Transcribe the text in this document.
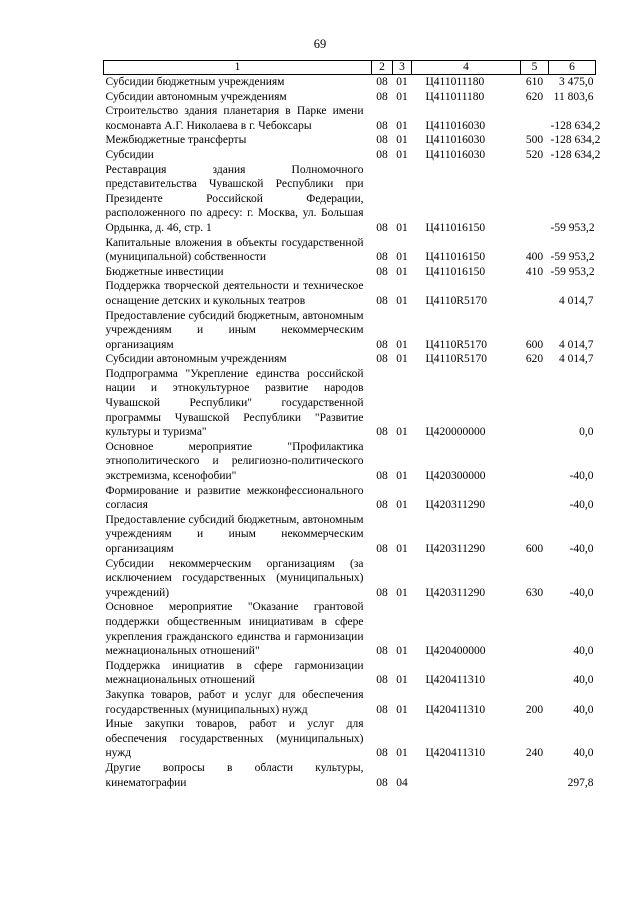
69
1	2	3	4	5	6
Субсидии бюджетным учреждениям	08	01	Ц411011180	610	3 475,0
Субсидии автономным учреждениям	08	01	Ц411011180	620	11 803,6
Строительство здания планетария в Парке имени космонавта А.Г. Николаева в г. Чебоксары	08	01	Ц411016030		-128 634,2
Межбюджетные трансферты	08	01	Ц411016030	500	-128 634,2
Субсидии	08	01	Ц411016030	520	-128 634,2
Реставрация здания Полномочного представительства Чувашской Республики при Президенте Российской Федерации, расположенного по адресу: г. Москва, ул. Большая Ордынка, д. 46, стр. 1	08	01	Ц411016150		-59 953,2
Капитальные вложения в объекты государственной (муниципальной) собственности	08	01	Ц411016150	400	-59 953,2
Бюджетные инвестиции	08	01	Ц411016150	410	-59 953,2
Поддержка творческой деятельности и техническое оснащение детских и кукольных театров	08	01	Ц4110R5170		4 014,7
Предоставление субсидий бюджетным, автономным учреждениям и иным некоммерческим организациям	08	01	Ц4110R5170	600	4 014,7
Субсидии автономным учреждениям	08	01	Ц4110R5170	620	4 014,7
Подпрограмма "Укрепление единства российской нации и этнокультурное развитие народов Чувашской Республики" государственной программы Чувашской Республики "Развитие культуры и туризма"	08	01	Ц420000000		0,0
Основное мероприятие "Профилактика этнополитического и религиозно-политического экстремизма, ксенофобии"	08	01	Ц420300000		-40,0
Формирование и развитие межконфессионального согласия	08	01	Ц420311290		-40,0
Предоставление субсидий бюджетным, автономным учреждениям и иным некоммерческим организациям	08	01	Ц420311290	600	-40,0
Субсидии некоммерческим организациям (за исключением государственных (муниципальных) учреждений)	08	01	Ц420311290	630	-40,0
Основное мероприятие "Оказание грантовой поддержки общественным инициативам в сфере укрепления гражданского единства и гармонизации межнациональных отношений"	08	01	Ц420400000		40,0
Поддержка инициатив в сфере гармонизации межнациональных отношений	08	01	Ц420411310		40,0
Закупка товаров, работ и услуг для обеспечения государственных (муниципальных) нужд	08	01	Ц420411310	200	40,0
Иные закупки товаров, работ и услуг для обеспечения государственных (муниципальных) нужд	08	01	Ц420411310	240	40,0
Другие вопросы в области культуры, кинематографии	08	04			297,8
